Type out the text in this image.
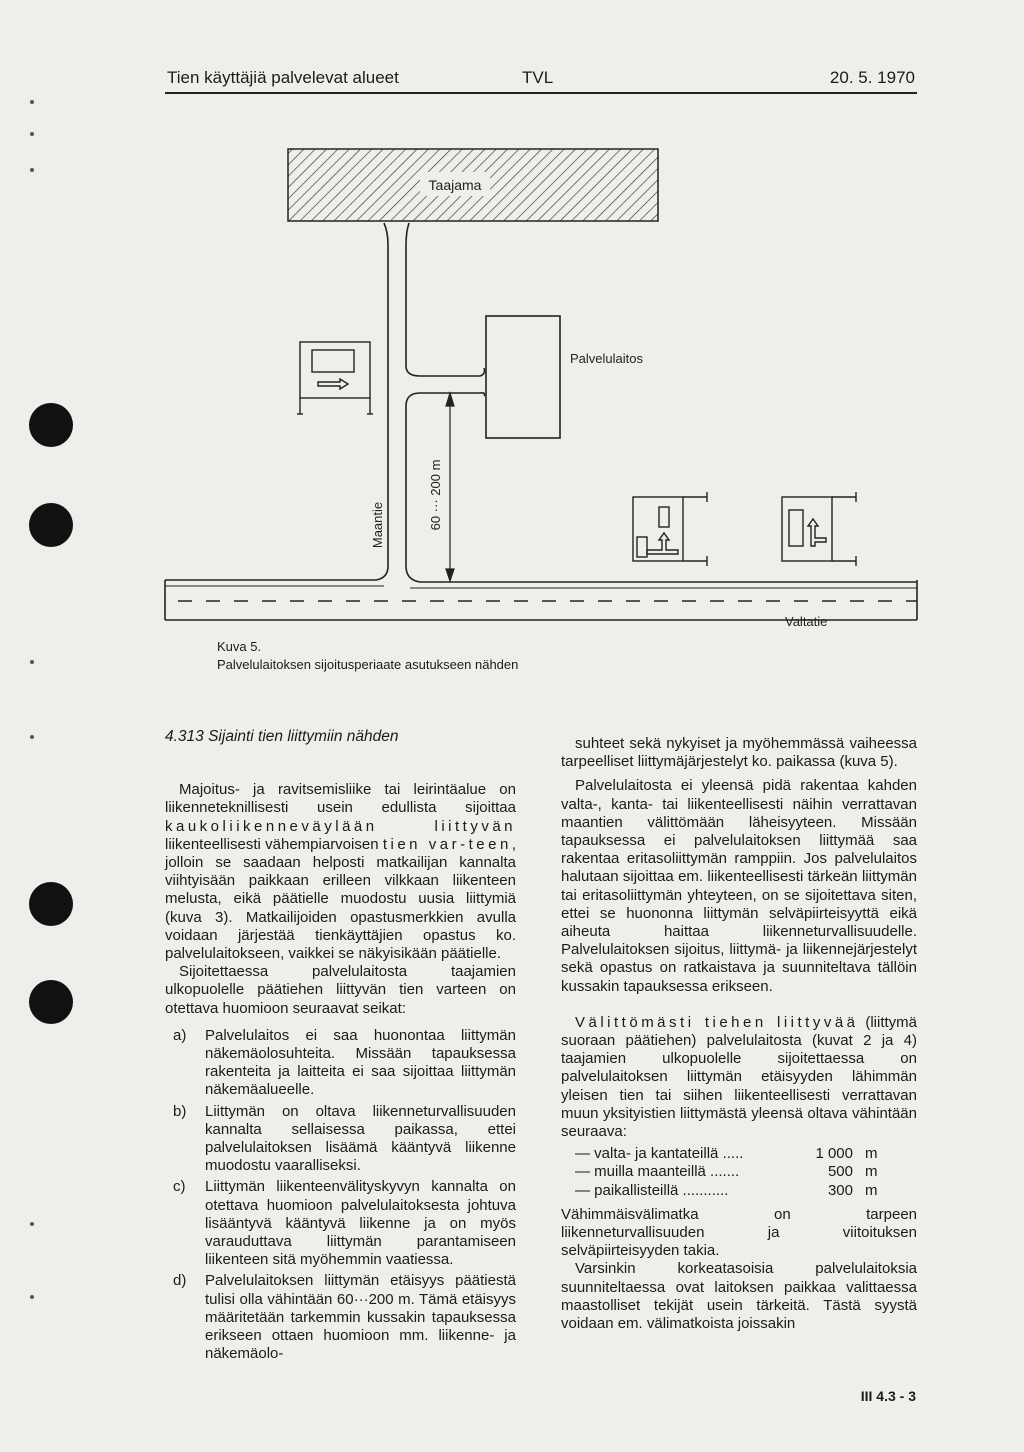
Tien käyttäjiä palvelevat alueet	TVL	20. 5. 1970
Taajama
Maantie	60 ··· 200 m
Palvelulaitos
Valtatie
Kuva 5.
Palvelulaitoksen sijoitusperiaate asutukseen nähden

4.313 Sijainti tien liittymiin nähden

Majoitus- ja ravitsemisliike tai leirintäalue on liikenneteknillisesti usein edullista sijoittaa kaukoliikenneväylään liittyvän liikenteellisesti vähempiarvoisen tien var-teen, jolloin se saadaan helposti matkailijan kannalta viihtyisään paikkaan erilleen vilkkaan liikenteen melusta, eikä päätielle muodostu uusia liittymiä (kuva 3). Matkailijoiden opastusmerkkien avulla voidaan järjestää tienkäyttäjien opastus ko. palvelulaitokseen, vaikkei se näkyisikään päätielle.

Sijoitettaessa palvelulaitosta taajamien ulkopuolelle päätiehen liittyvän tien varteen on otettava huomioon seuraavat seikat:

a)	Palvelulaitos ei saa huonontaa liittymän näkemäolosuhteita. Missään tapauksessa rakenteita ja laitteita ei saa sijoittaa liittymän näkemäalueelle.
b)	Liittymän on oltava liikenneturvallisuuden kannalta sellaisessa paikassa, ettei palvelulaitoksen lisäämä kääntyvä liikenne muodostu vaaralliseksi.
c)	Liittymän liikenteenvälityskyvyn kannalta on otettava huomioon palvelulaitoksesta johtuva lisääntyvä kääntyvä liikenne ja on myös varauduttava liittymän parantamiseen liikenteen sitä myöhemmin vaatiessa.
d)	Palvelulaitoksen liittymän etäisyys päätiestä tulisi olla vähintään 60···200 m. Tämä etäisyys määritetään tarkemmin kussakin tapauksessa erikseen ottaen huomioon mm. liikenne- ja näkemäolo-

suhteet sekä nykyiset ja myöhemmässä vaiheessa tarpeelliset liittymäjärjestelyt ko. paikassa (kuva 5).

Palvelulaitosta ei yleensä pidä rakentaa kahden valta-, kanta- tai liikenteellisesti näihin verrattavan maantien välittömään läheisyyteen. Missään tapauksessa ei palvelulaitoksen liittymää saa rakentaa eritasoliittymän ramppiin. Jos palvelulaitos halutaan sijoittaa em. liikenteellisesti tärkeän liittymän tai eritasoliittymän yhteyteen, on se sijoitettava siten, ettei se huononna liittymän selväpiirteisyyttä eikä aiheuta haittaa liikenneturvallisuudelle. Palvelulaitoksen sijoitus, liittymä- ja liikennejärjestelyt sekä opastus on ratkaistava ja suunniteltava tällöin kussakin tapauksessa erikseen.

Välittömästi tiehen liittyvää (liittymä suoraan päätiehen) palvelulaitosta (kuvat 2 ja 4) taajamien ulkopuolelle sijoitettaessa on palvelulaitoksen liittymän etäisyyden lähimmän yleisen tien tai siihen liikenteellisesti verrattavan muun yksityistien liittymästä yleensä oltava vähintään seuraava:

— valta- ja kantateillä .....	1 000 m
— muilla maanteillä .......	500 m
— paikallisteillä ...........	300 m

Vähimmäisvälimatka on tarpeen liikenneturvallisuuden ja viitoituksen selväpiirteisyyden takia.

Varsinkin korkeatasoisia palvelulaitoksia suunniteltaessa ovat laitoksen paikkaa valittaessa maastolliset tekijät usein tärkeitä. Tästä syystä voidaan em. välimatkoista joissakin

III 4.3 - 3
